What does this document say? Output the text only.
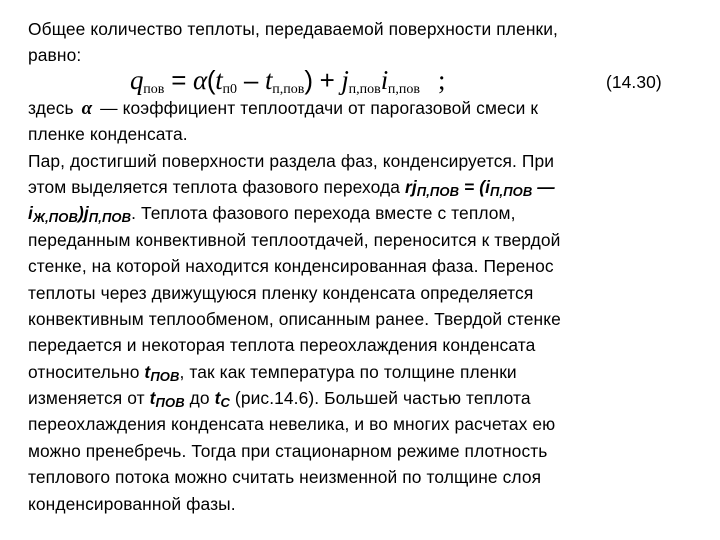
Общее количество теплоты, передаваемой поверхности пленки,
равно:
$q_{пов} = \alpha(t_{п0} - t_{п,пов}) + j_{п,пов}i_{п,пов}$ ;	(14.30)
здесь α — коэффициент теплоотдачи от парогазовой смеси к
пленке конденсата.
Пар, достигший поверхности раздела фаз, конденсируется. При
этом выделяется теплота фазового перехода rjП,ПОВ = (iП,ПОВ —
iЖ,ПОВ)jП,ПОВ. Теплота фазового перехода вместе с теплом,
переданным конвективной теплоотдачей, переносится к твердой
стенке, на которой находится конденсированная фаза. Перенос
теплоты через движущуюся пленку конденсата определяется
конвективным теплообменом, описанным ранее. Твердой стенке
передается и некоторая теплота переохлаждения конденсата
относительно tПОВ, так как температура по толщине пленки
изменяется от tПОВ до tС (рис.14.6). Большей частью теплота
переохлаждения конденсата невелика, и во многих расчетах ею
можно пренебречь. Тогда при стационарном режиме плотность
теплового потока можно считать неизменной по толщине слоя
конденсированной фазы.
